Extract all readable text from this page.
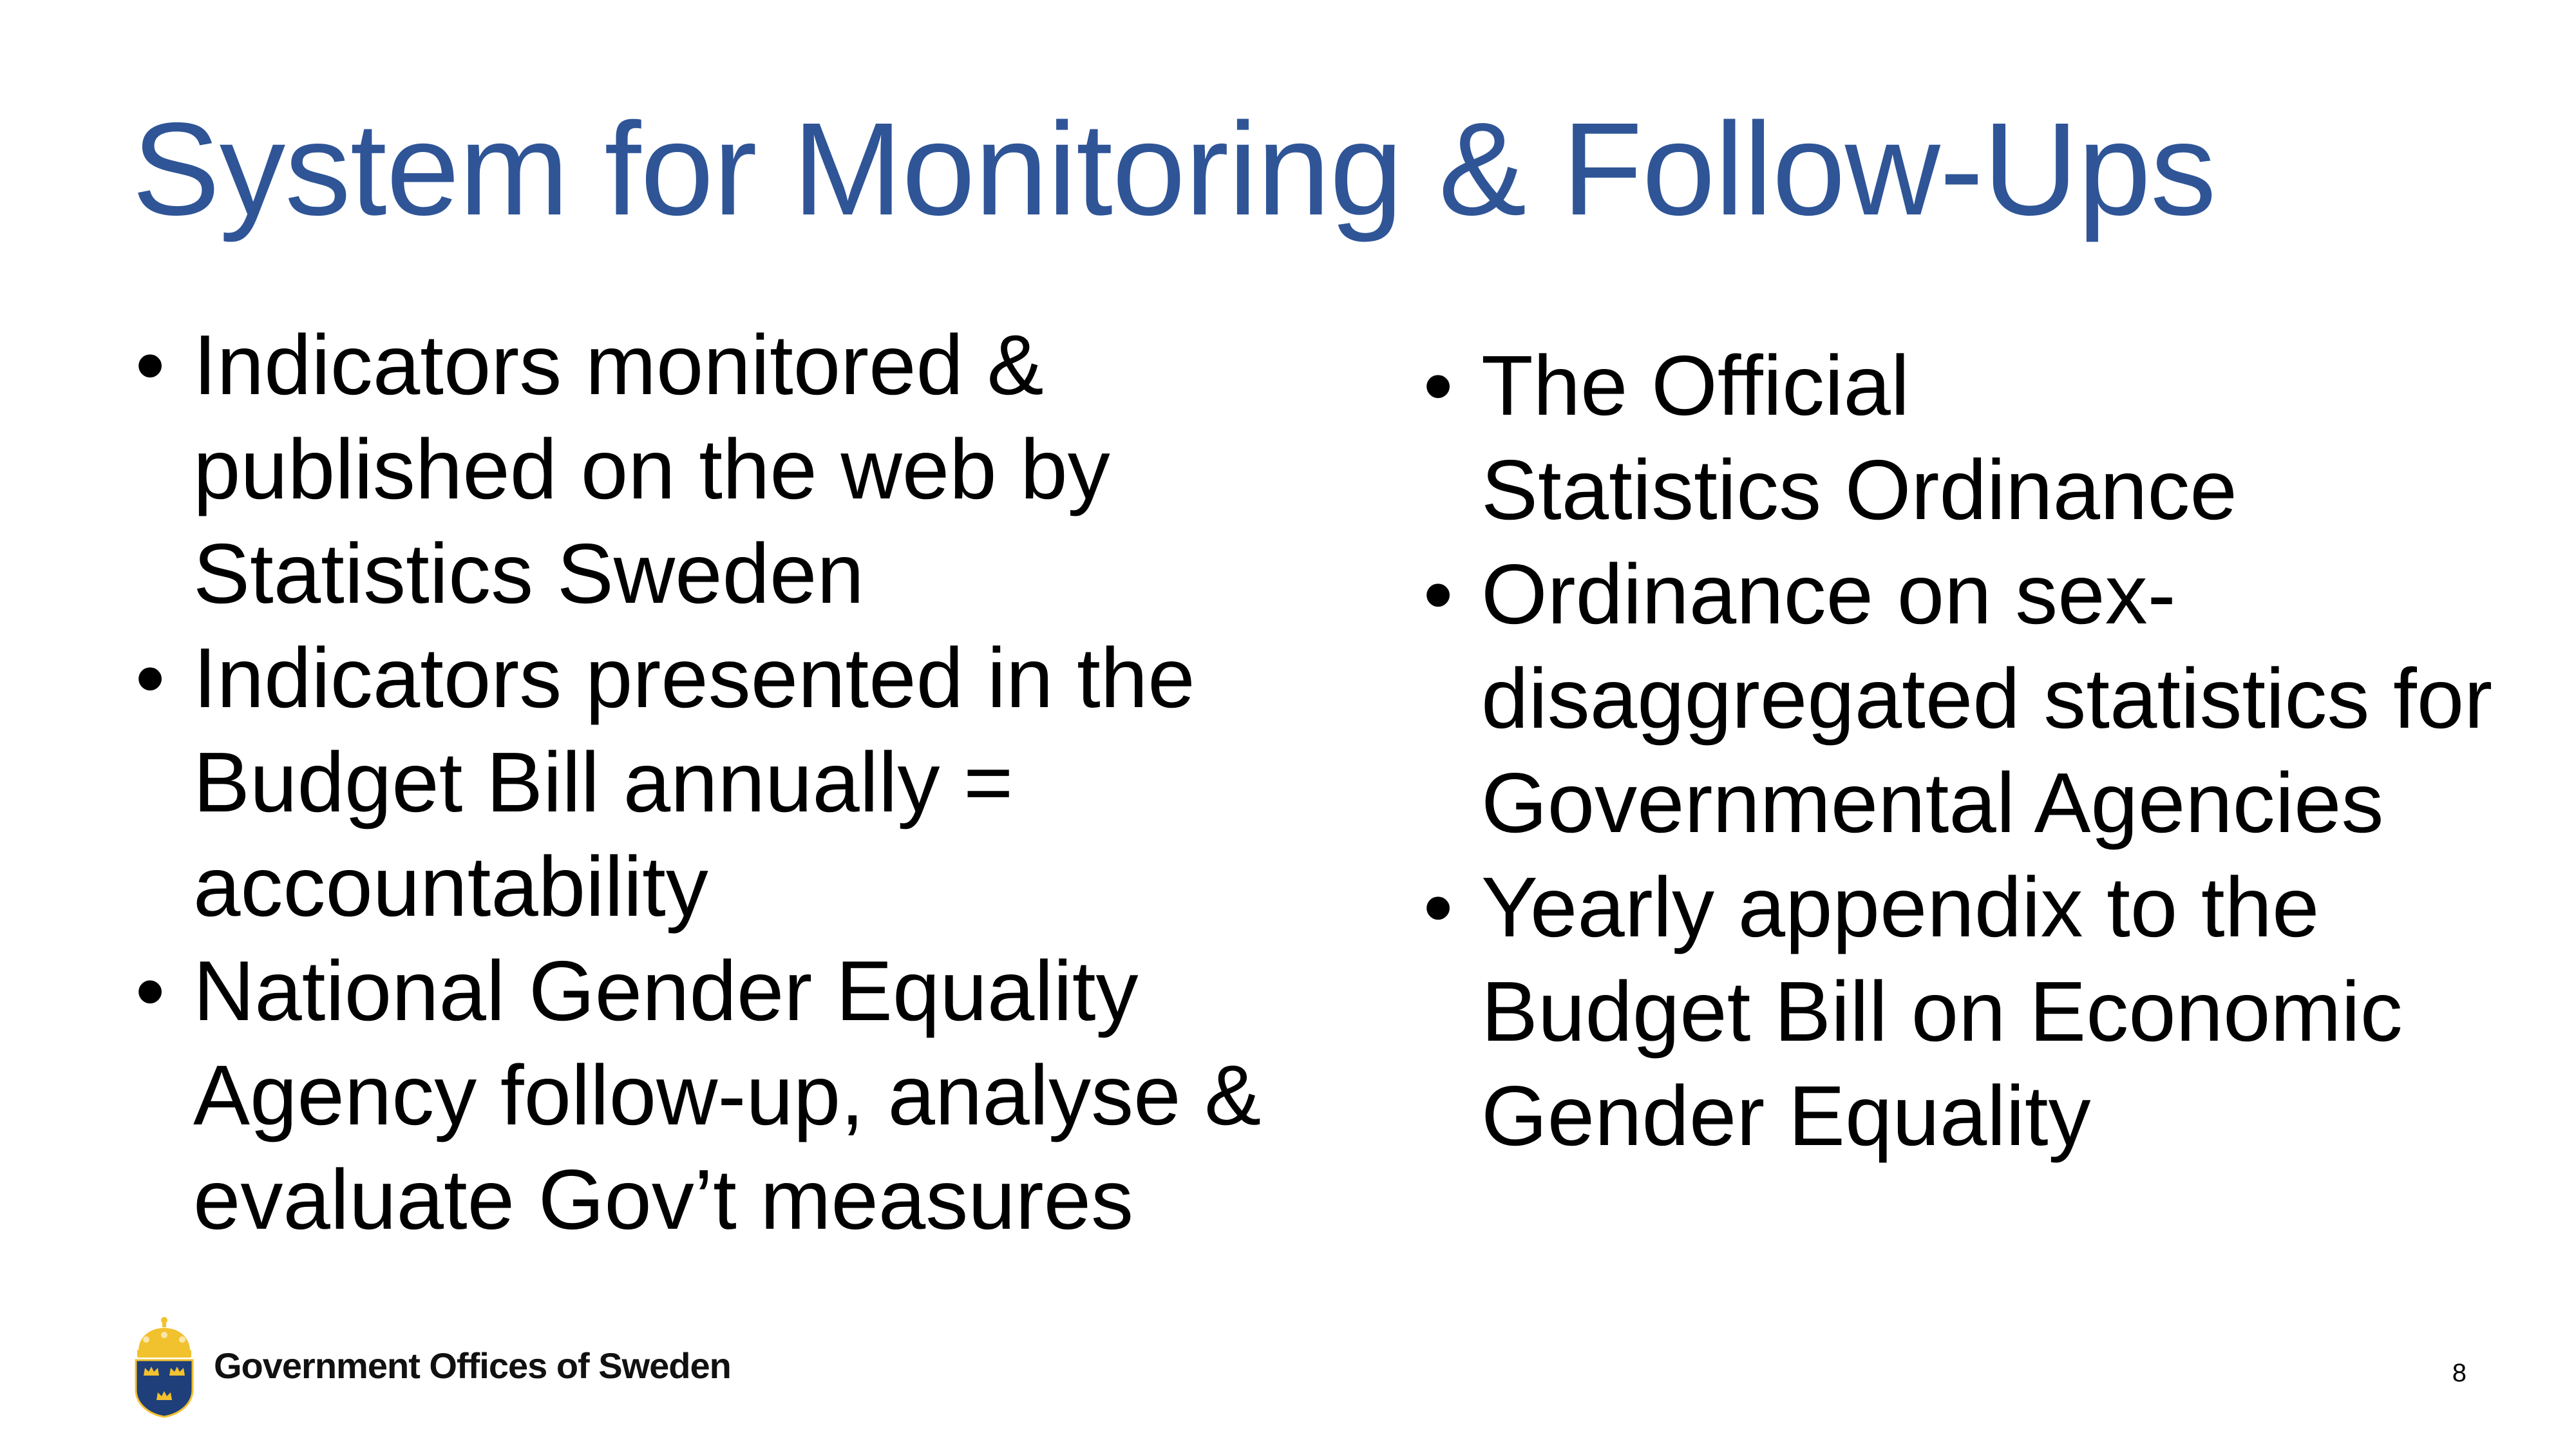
System for Monitoring & Follow-Ups
• Indicators monitored &
published on the web by
Statistics Sweden
• Indicators presented in the
Budget Bill annually =
accountability
• National Gender Equality
Agency follow-up, analyse &
evaluate Gov’t measures
• The Official
Statistics Ordinance
• Ordinance on sex-
disaggregated statistics for
Governmental Agencies
• Yearly appendix to the
Budget Bill on Economic
Gender Equality
Government Offices of Sweden	8
